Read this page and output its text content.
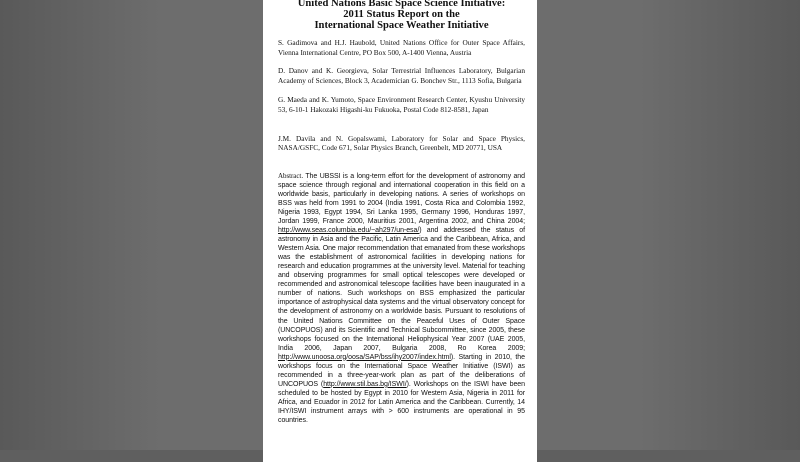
United Nations Basic Space Science Initiative:
2011 Status Report on the
International Space Weather Initiative

S. Gadimova and H.J. Haubold, United Nations Office for Outer Space Affairs, Vienna International Centre, PO Box 500, A-1400 Vienna, Austria

D. Danov and K. Georgieva, Solar Terrestrial Influences Laboratory, Bulgarian Academy of Sciences, Block 3, Academician G. Bonchev Str., 1113 Sofia, Bulgaria

G. Maeda and K. Yumoto, Space Environment Research Center, Kyushu University 53, 6-10-1 Hakozaki Higashi-ku Fukuoka, Postal Code 812-8581, Japan

J.M. Davila and N. Gopalswami, Laboratory for Solar and Space Physics, NASA/GSFC, Code 671, Solar Physics Branch, Greenbelt, MD 20771, USA

Abstract. The UBSSI is a long-term effort for the development of astronomy and space science through regional and international cooperation in this field on a worldwide basis, particularly in developing nations. A series of workshops on BSS was held from 1991 to 2004 (India 1991, Costa Rica and Colombia 1992, Nigeria 1993, Egypt 1994, Sri Lanka 1995, Germany 1996, Honduras 1997, Jordan 1999, France 2000, Mauritius 2001, Argentina 2002, and China 2004; http://www.seas.columbia.edu/~ah297/un-esa/) and addressed the status of astronomy in Asia and the Pacific, Latin America and the Caribbean, Africa, and Western Asia. One major recommendation that emanated from these workshops was the establishment of astronomical facilities in developing nations for research and education programmes at the university level. Material for teaching and observing programmes for small optical telescopes were developed or recommended and astronomical telescope facilities have been inaugurated in a number of nations. Such workshops on BSS emphasized the particular importance of astrophysical data systems and the virtual observatory concept for the development of astronomy on a worldwide basis. Pursuant to resolutions of the United Nations Committee on the Peaceful Uses of Outer Space (UNCOPUOS) and its Scientific and Technical Subcommittee, since 2005, these workshops focused on the International Heliophysical Year 2007 (UAE 2005, India 2006, Japan 2007, Bulgaria 2008, Ro Korea 2009; http://www.unoosa.org/oosa/SAP/bss/ihy2007/index.html). Starting in 2010, the workshops focus on the International Space Weather Initiative (ISWI) as recommended in a three-year-work plan as part of the deliberations of UNCOPUOS (http://www.stil.bas.bg/ISWI/). Workshops on the ISWI have been scheduled to be hosted by Egypt in 2010 for Western Asia, Nigeria in 2011 for Africa, and Ecuador in 2012 for Latin America and the Caribbean. Currently, 14 IHY/ISWI instrument arrays with > 600 instruments are operational in 95 countries.
